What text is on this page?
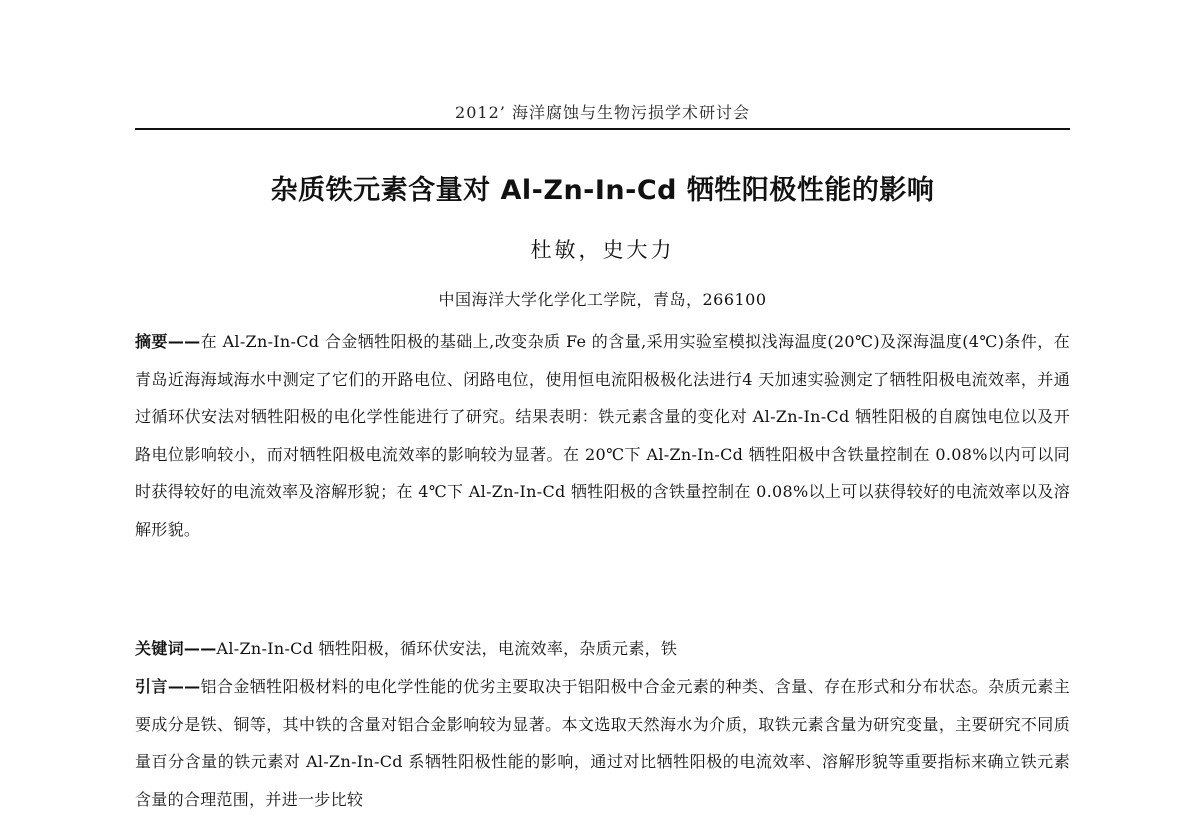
2012’ 海洋腐蚀与生物污损学术研讨会
杂质铁元素含量对 Al-Zn-In-Cd 牺牲阳极性能的影响
杜敏，史大力
中国海洋大学化学化工学院，青岛，266100
摘要——在 Al-Zn-In-Cd 合金牺牲阳极的基础上,改变杂质 Fe 的含量,采用实验室模拟浅海温度(20℃)及深海温度(4℃)条件，在青岛近海海域海水中测定了它们的开路电位、闭路电位，使用恒电流阳极极化法进行4 天加速实验测定了牺牲阳极电流效率，并通过循环伏安法对牺牲阳极的电化学性能进行了研究。结果表明：铁元素含量的变化对 Al-Zn-In-Cd 牺牲阳极的自腐蚀电位以及开路电位影响较小，而对牺牲阳极电流效率的影响较为显著。在 20℃下 Al-Zn-In-Cd 牺牲阳极中含铁量控制在 0.08%以内可以同时获得较好的电流效率及溶解形貌；在 4℃下 Al-Zn-In-Cd 牺牲阳极的含铁量控制在 0.08%以上可以获得较好的电流效率以及溶解形貌。
关键词——Al-Zn-In-Cd 牺牲阳极，循环伏安法，电流效率，杂质元素，铁
引言——铝合金牺牲阳极材料的电化学性能的优劣主要取决于铝阳极中合金元素的种类、含量、存在形式和分布状态。杂质元素主要成分是铁、铜等，其中铁的含量对铝合金影响较为显著。本文选取天然海水为介质，取铁元素含量为研究变量，主要研究不同质量百分含量的铁元素对 Al-Zn-In-Cd 系牺牲阳极性能的影响，通过对比牺牲阳极的电流效率、溶解形貌等重要指标来确立铁元素含量的合理范围，并进一步比较
